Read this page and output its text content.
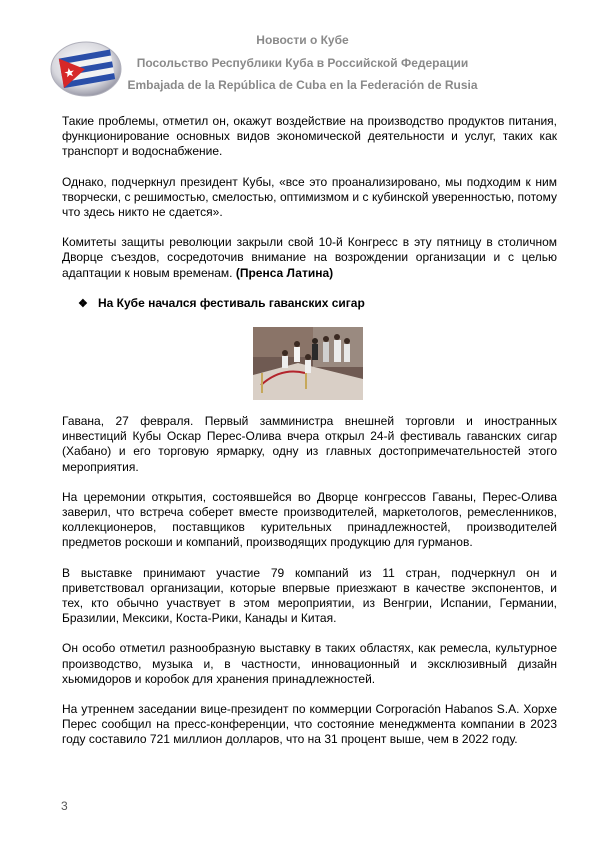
Новости о Кубе
Посольство Республики Куба в Российской Федерации
Embajada de la República de Cuba en la Federación de Rusia

Такие проблемы, отметил он, окажут воздействие на производство продуктов питания, функционирование основных видов экономической деятельности и услуг, таких как транспорт и водоснабжение.

Однако, подчеркнул президент Кубы, «все это проанализировано, мы подходим к ним творчески, с решимостью, смелостью, оптимизмом и с кубинской уверенностью, потому что здесь никто не сдается».

Комитеты защиты революции закрыли свой 10-й Конгресс в эту пятницу в столичном Дворце съездов, сосредоточив внимание на возрождении организации и с целью адаптации к новым временам. (Пренса Латина)

❖ На Кубе начался фестиваль гаванских сигар

Гавана, 27 февраля. Первый замминистра внешней торговли и иностранных инвестиций Кубы Оскар Перес-Олива вчера открыл 24-й фестиваль гаванских сигар (Хабано) и его торговую ярмарку, одну из главных достопримечательностей этого мероприятия.

На церемонии открытия, состоявшейся во Дворце конгрессов Гаваны, Перес-Олива заверил, что встреча соберет вместе производителей, маркетологов, ремесленников, коллекционеров, поставщиков курительных принадлежностей, производителей предметов роскоши и компаний, производящих продукцию для гурманов.

В выставке принимают участие 79 компаний из 11 стран, подчеркнул он и приветствовал организации, которые впервые приезжают в качестве экспонентов, и тех, кто обычно участвует в этом мероприятии, из Венгрии, Испании, Германии, Бразилии, Мексики, Коста-Рики, Канады и Китая.

Он особо отметил разнообразную выставку в таких областях, как ремесла, культурное производство, музыка и, в частности, инновационный и эксклюзивный дизайн хьюмидоров и коробок для хранения принадлежностей.

На утреннем заседании вице-президент по коммерции Corporación Habanos S.A. Хорхе Перес сообщил на пресс-конференции, что состояние менеджмента компании в 2023 году составило 721 миллион долларов, что на 31 процент выше, чем в 2022 году.

3
